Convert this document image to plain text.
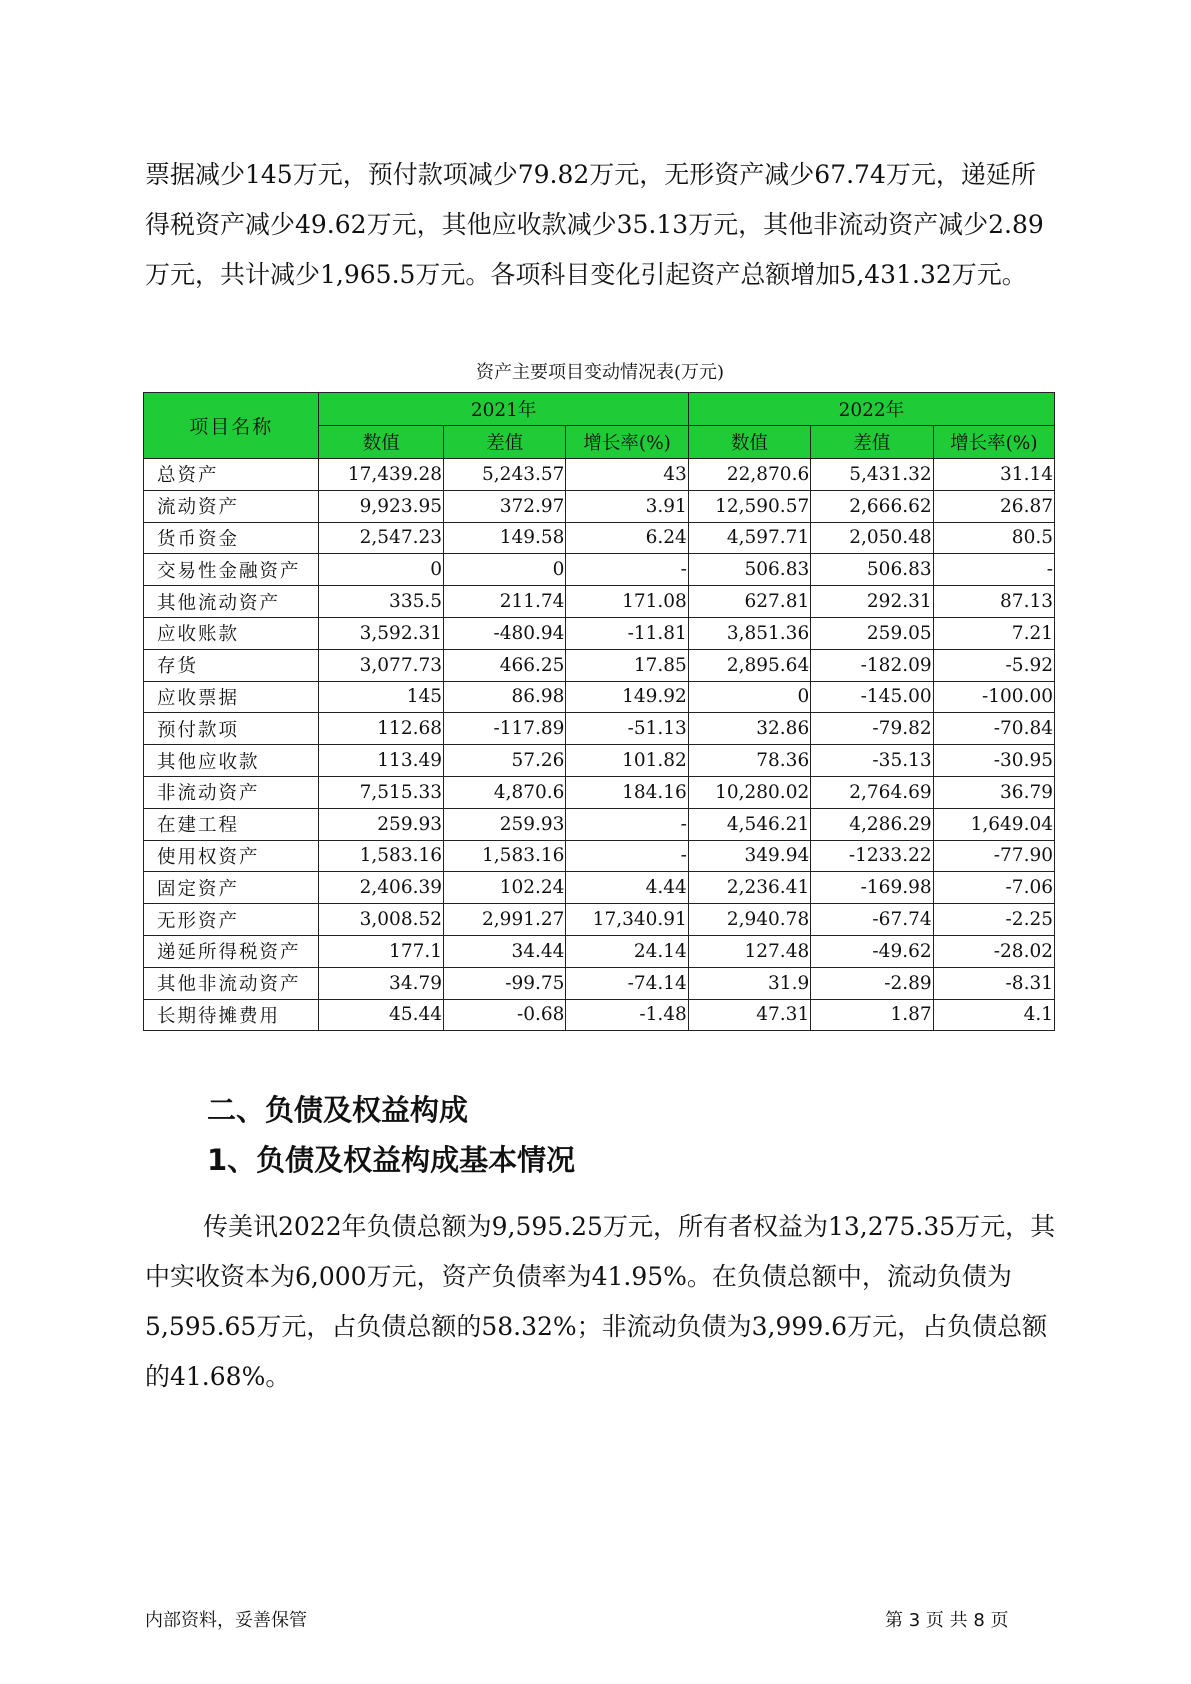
票据减少145万元，预付款项减少79.82万元，无形资产减少67.74万元，递延所得税资产减少49.62万元，其他应收款减少35.13万元，其他非流动资产减少2.89万元，共计减少1,965.5万元。各项科目变化引起资产总额增加5,431.32万元。

资产主要项目变动情况表(万元)
项目名称	2021年			2022年		
	数值	差值	增长率(%)	数值	差值	增长率(%)
总资产	17,439.28	5,243.57	43	22,870.6	5,431.32	31.14
流动资产	9,923.95	372.97	3.91	12,590.57	2,666.62	26.87
货币资金	2,547.23	149.58	6.24	4,597.71	2,050.48	80.5
交易性金融资产	0	0	-	506.83	506.83	-
其他流动资产	335.5	211.74	171.08	627.81	292.31	87.13
应收账款	3,592.31	-480.94	-11.81	3,851.36	259.05	7.21
存货	3,077.73	466.25	17.85	2,895.64	-182.09	-5.92
应收票据	145	86.98	149.92	0	-145.00	-100.00
预付款项	112.68	-117.89	-51.13	32.86	-79.82	-70.84
其他应收款	113.49	57.26	101.82	78.36	-35.13	-30.95
非流动资产	7,515.33	4,870.6	184.16	10,280.02	2,764.69	36.79
在建工程	259.93	259.93	-	4,546.21	4,286.29	1,649.04
使用权资产	1,583.16	1,583.16	-	349.94	-1233.22	-77.90
固定资产	2,406.39	102.24	4.44	2,236.41	-169.98	-7.06
无形资产	3,008.52	2,991.27	17,340.91	2,940.78	-67.74	-2.25
递延所得税资产	177.1	34.44	24.14	127.48	-49.62	-28.02
其他非流动资产	34.79	-99.75	-74.14	31.9	-2.89	-8.31
长期待摊费用	45.44	-0.68	-1.48	47.31	1.87	4.1
二、负债及权益构成
1、负债及权益构成基本情况

传美讯2022年负债总额为9,595.25万元，所有者权益为13,275.35万元，其中实收资本为6,000万元，资产负债率为41.95%。在负债总额中，流动负债为5,595.65万元，占负债总额的58.32%；非流动负债为3,999.6万元，占负债总额的41.68%。

内部资料，妥善保管	第 3 页 共 8 页
